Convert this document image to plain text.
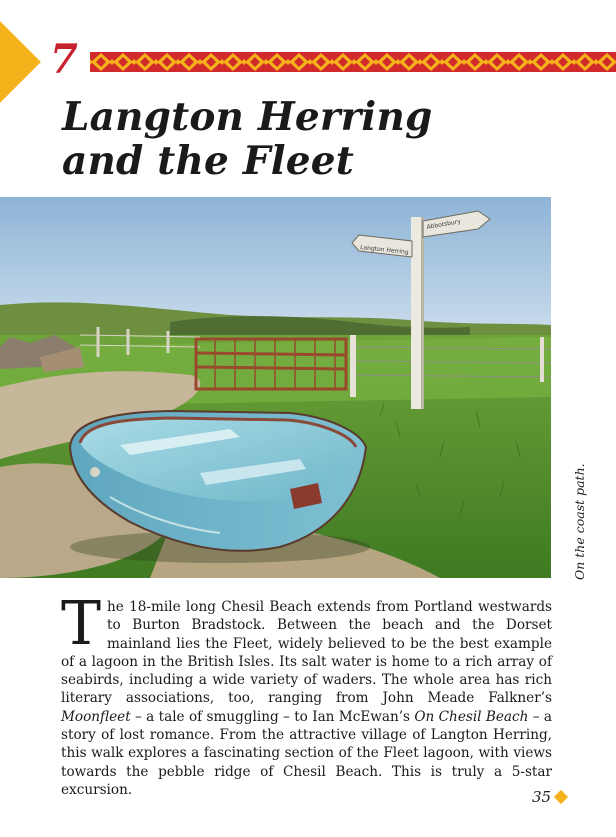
7
Langton Herring
and the Fleet
Langton Herring
Abbotsbury
On the coast path.

The 18-mile long Chesil Beach extends from Portland westwards to Burton Bradstock. Between the beach and the Dorset mainland lies the Fleet, widely believed to be the best example of a lagoon in the British Isles. Its salt water is home to a rich array of seabirds, including a wide variety of waders. The whole area has rich literary associations, too, ranging from John Meade Falkner’s Moonfleet – a tale of smuggling – to Ian McEwan’s On Chesil Beach – a story of lost romance. From the attractive village of Langton Herring, this walk explores a fascinating section of the Fleet lagoon, with views towards the pebble ridge of Chesil Beach. This is truly a 5-star excursion.	35
